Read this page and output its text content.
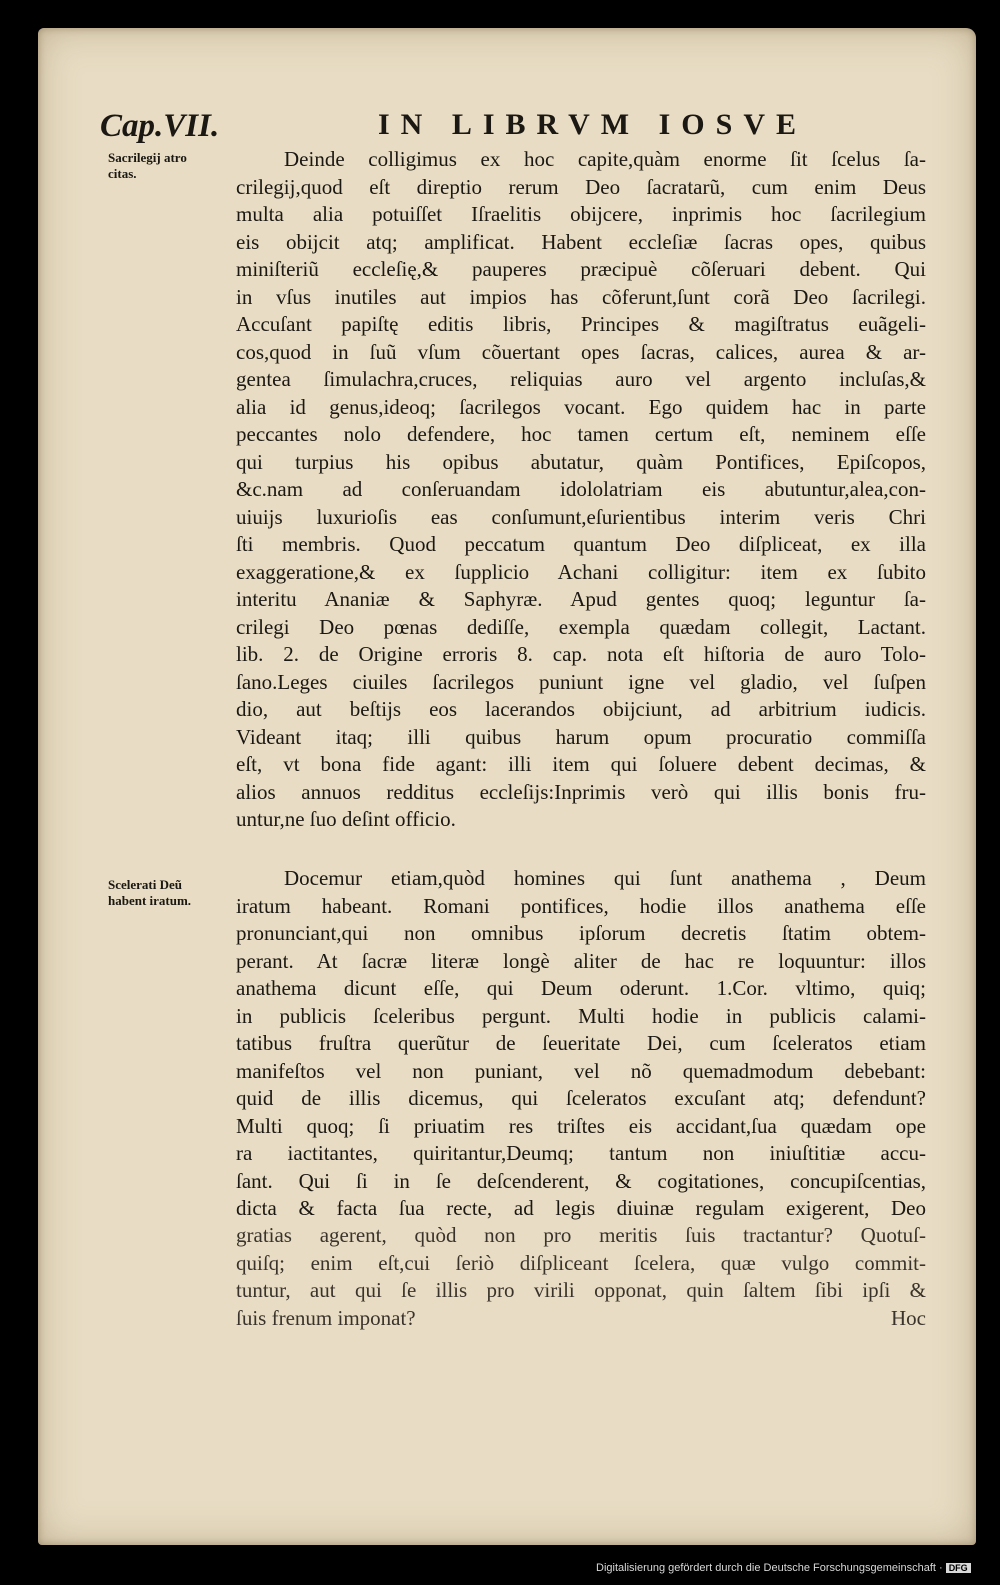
Cap.VII.	IN LIBRVM IOSVE
Sacrilegij atro
citas.
Scelerati Deũ
habent iratum.
Deinde colligimus ex hoc capite,quàm enorme ſit ſcelus ſa-
crilegij,quod eſt direptio rerum Deo ſacratarũ, cum enim Deus
multa alia potuiſſet Iſraelitis obijcere, inprimis hoc ſacrilegium
eis obijcit atq; amplificat. Habent eccleſiæ ſacras opes, quibus
miniſteriũ eccleſię,& pauperes præcipuè cõſeruari debent. Qui
in vſus inutiles aut impios has cõferunt,ſunt corã Deo ſacrilegi.
Accuſant papiſtę editis libris, Principes & magiſtratus euãgeli-
cos,quod in ſuũ vſum cõuertant opes ſacras, calices, aurea & ar-
gentea ſimulachra,cruces, reliquias auro vel argento incluſas,&
alia id genus,ideoq; ſacrilegos vocant. Ego quidem hac in parte
peccantes nolo defendere, hoc tamen certum eſt, neminem eſſe
qui turpius his opibus abutatur, quàm Pontifices, Epiſcopos,
&c.nam ad conſeruandam idololatriam eis abutuntur,alea,con-
uiuijs luxurioſis eas conſumunt,eſurientibus interim veris Chri
ſti membris. Quod peccatum quantum Deo diſpliceat, ex illa
exaggeratione,& ex ſupplicio Achani colligitur: item ex ſubito
interitu Ananiæ & Saphyræ. Apud gentes quoq; leguntur ſa-
crilegi Deo pœnas dediſſe, exempla quædam collegit, Lactant.
lib. 2. de Origine erroris 8. cap. nota eſt hiſtoria de auro Tolo-
ſano.Leges ciuiles ſacrilegos puniunt igne vel gladio, vel ſuſpen
dio, aut beſtijs eos lacerandos obijciunt, ad arbitrium iudicis.
Videant itaq; illi quibus harum opum procuratio commiſſa
eſt, vt bona fide agant: illi item qui ſoluere debent decimas, &
alios annuos redditus eccleſijs:Inprimis verò qui illis bonis fru-
untur,ne ſuo deſint officio.
Docemur etiam,quòd homines qui ſunt anathema , Deum
iratum habeant. Romani pontifices, hodie illos anathema eſſe
pronunciant,qui non omnibus ipſorum decretis ſtatim obtem-
perant. At ſacræ literæ longè aliter de hac re loquuntur: illos
anathema dicunt eſſe, qui Deum oderunt. 1.Cor. vltimo, quiq;
in publicis ſceleribus pergunt. Multi hodie in publicis calami-
tatibus fruſtra querũtur de ſeueritate Dei, cum ſceleratos etiam
manifeſtos vel non puniant, vel nõ quemadmodum debebant:
quid de illis dicemus, qui ſceleratos excuſant atq; defendunt?
Multi quoq; ſi priuatim res triſtes eis accidant,ſua quædam ope
ra iactitantes, quiritantur,Deumq; tantum non iniuſtitiæ accu-
ſant. Qui ſi in ſe deſcenderent, & cogitationes, concupiſcentias,
dicta & facta ſua recte, ad legis diuinæ regulam exigerent, Deo
gratias agerent, quòd non pro meritis ſuis tractantur? Quotuſ-
quiſq; enim eſt,cui ſeriò diſpliceant ſcelera, quæ vulgo commit-
tuntur, aut qui ſe illis pro virili opponat, quin ſaltem ſibi ipſi &
ſuis frenum imponat?	Hoc
Digitalisierung gefördert durch die Deutsche Forschungsgemeinschaft · DFG
